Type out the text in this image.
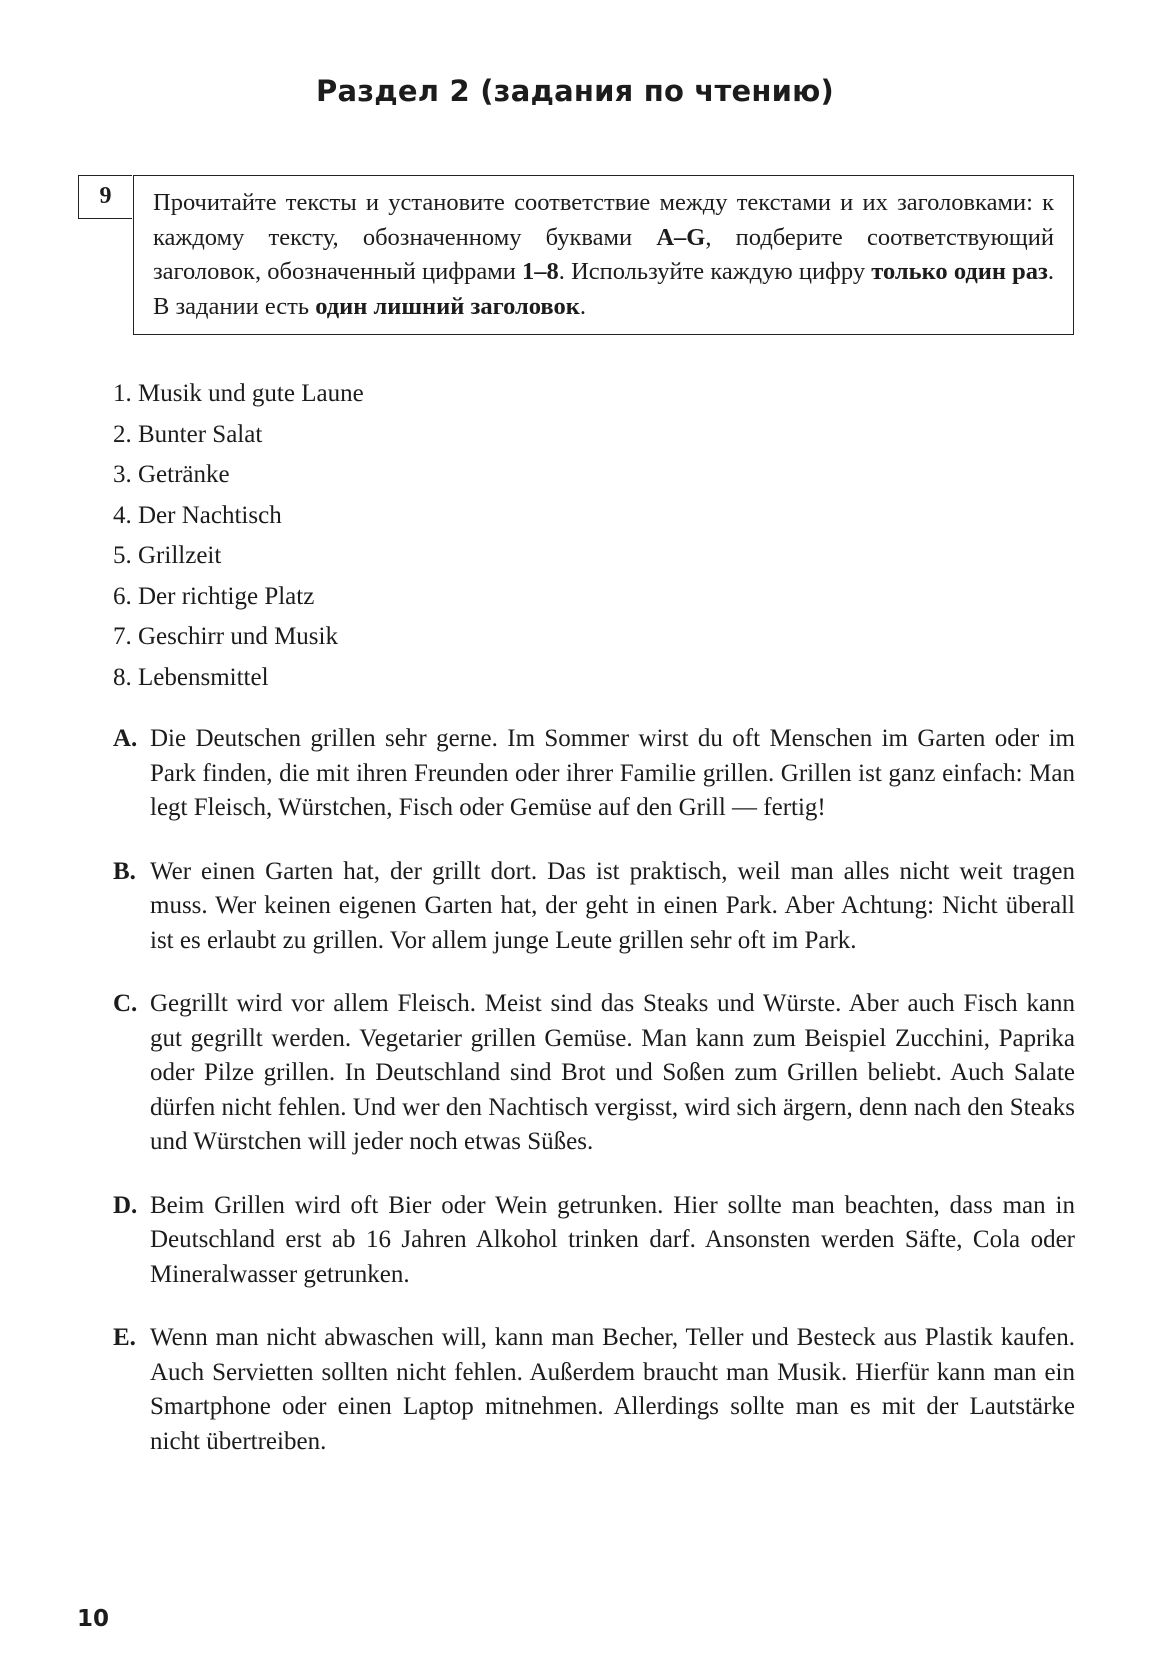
Раздел 2 (задания по чтению)
9	Прочитайте тексты и установите соответствие между текстами и их заголовками: к каждому тексту, обозначенному буквами A–G, подберите соответствующий заголовок, обозначенный цифрами 1–8. Используйте каждую цифру только один раз. В задании есть один лишний заголовок.
1. Musik und gute Laune
2. Bunter Salat
3. Getränke
4. Der Nachtisch
5. Grillzeit
6. Der richtige Platz
7. Geschirr und Musik
8. Lebensmittel
A. Die Deutschen grillen sehr gerne. Im Sommer wirst du oft Menschen im Garten oder im Park finden, die mit ihren Freunden oder ihrer Familie grillen. Grillen ist ganz einfach: Man legt Fleisch, Würstchen, Fisch oder Gemüse auf den Grill — fertig!
B. Wer einen Garten hat, der grillt dort. Das ist praktisch, weil man alles nicht weit tragen muss. Wer keinen eigenen Garten hat, der geht in einen Park. Aber Achtung: Nicht überall ist es erlaubt zu grillen. Vor allem junge Leute grillen sehr oft im Park.
C. Gegrillt wird vor allem Fleisch. Meist sind das Steaks und Würste. Aber auch Fisch kann gut gegrillt werden. Vegetarier grillen Gemüse. Man kann zum Beispiel Zucchini, Paprika oder Pilze grillen. In Deutschland sind Brot und Soßen zum Grillen beliebt. Auch Salate dürfen nicht fehlen. Und wer den Nachtisch vergisst, wird sich ärgern, denn nach den Steaks und Würstchen will jeder noch etwas Süßes.
D. Beim Grillen wird oft Bier oder Wein getrunken. Hier sollte man beachten, dass man in Deutschland erst ab 16 Jahren Alkohol trinken darf. Ansonsten werden Säfte, Cola oder Mineralwasser getrunken.
E. Wenn man nicht abwaschen will, kann man Becher, Teller und Besteck aus Plastik kaufen. Auch Servietten sollten nicht fehlen. Außerdem braucht man Musik. Hierfür kann man ein Smartphone oder einen Laptop mitnehmen. Allerdings sollte man es mit der Lautstärke nicht übertreiben.
10
